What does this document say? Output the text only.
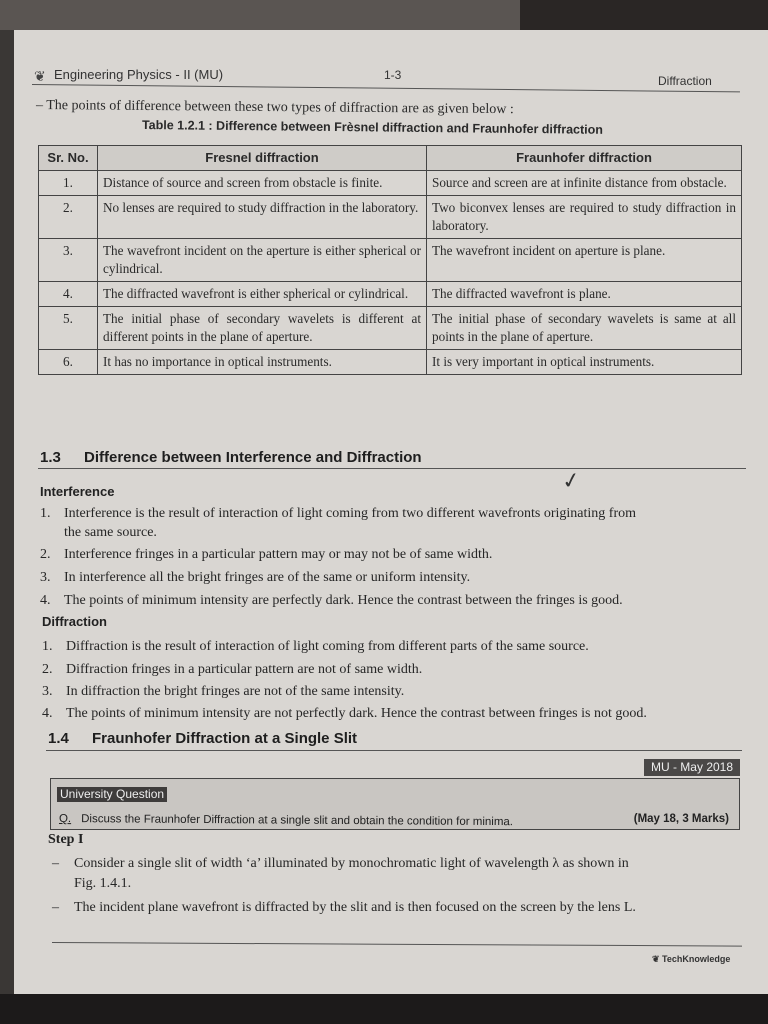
❦ Engineering Physics - II (MU)	1-3	Diffraction
– The points of difference between these two types of diffraction are as given below :
Table 1.2.1 : Difference between Frèsnel diffraction and Fraunhofer diffraction
Sr. No.	Fresnel diffraction	Fraunhofer diffraction
1.	Distance of source and screen from obstacle is finite.	Source and screen are at infinite distance from obstacle.
2.	No lenses are required to study diffraction in the laboratory.	Two biconvex lenses are required to study diffraction in laboratory.
3.	The wavefront incident on the aperture is either spherical or cylindrical.	The wavefront incident on aperture is plane.
4.	The diffracted wavefront is either spherical or cylindrical.	The diffracted wavefront is plane.
5.	The initial phase of secondary wavelets is different at different points in the plane of aperture.	The initial phase of secondary wavelets is same at all points in the plane of aperture.
6.	It has no importance in optical instruments.	It is very important in optical instruments.
1.3 Difference between Interference and Diffraction
✓
Interference
1. Interference is the result of interaction of light coming from two different wavefronts originating from
the same source.
2. Interference fringes in a particular pattern may or may not be of same width.
3. In interference all the bright fringes are of the same or uniform intensity.
4. The points of minimum intensity are perfectly dark. Hence the contrast between the fringes is good.
Diffraction
1. Diffraction is the result of interaction of light coming from different parts of the same source.
2. Diffraction fringes in a particular pattern are not of same width.
3. In diffraction the bright fringes are not of the same intensity.
4. The points of minimum intensity are not perfectly dark. Hence the contrast between fringes is not good.
1.4 Fraunhofer Diffraction at a Single Slit
MU - May 2018
University Question
Q. Discuss the Fraunhofer Diffraction at a single slit and obtain the condition for minima.	(May 18, 3 Marks)
Step I
– Consider a single slit of width ‘a’ illuminated by monochromatic light of wavelength λ as shown in
Fig. 1.4.1.
– The incident plane wavefront is diffracted by the slit and is then focused on the screen by the lens L.
❦ TechKnowledge
